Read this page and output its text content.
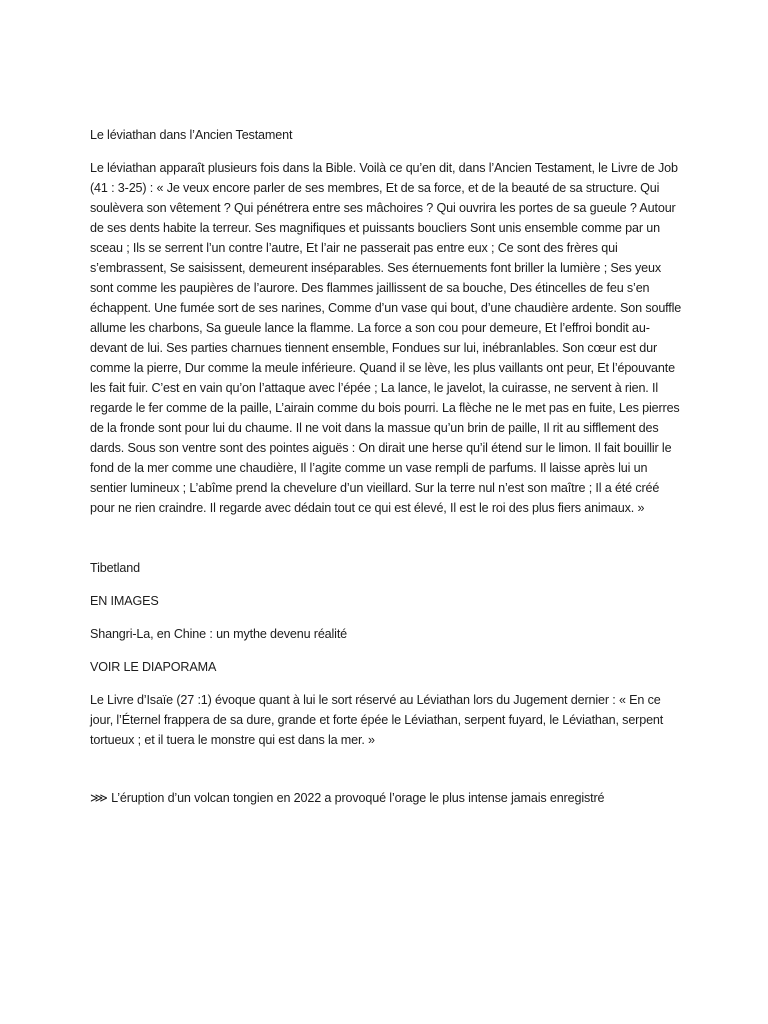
Le léviathan dans l’Ancien Testament

Le léviathan apparaît plusieurs fois dans la Bible. Voilà ce qu’en dit, dans l’Ancien Testament, le Livre de Job (41 : 3-25) : « Je veux encore parler de ses membres, Et de sa force, et de la beauté de sa structure. Qui soulèvera son vêtement ? Qui pénétrera entre ses mâchoires ? Qui ouvrira les portes de sa gueule ? Autour de ses dents habite la terreur. Ses magnifiques et puissants boucliers Sont unis ensemble comme par un sceau ; Ils se serrent l’un contre l’autre, Et l’air ne passerait pas entre eux ; Ce sont des frères qui s’embrassent, Se saisissent, demeurent inséparables. Ses éternuements font briller la lumière ; Ses yeux sont comme les paupières de l’aurore. Des flammes jaillissent de sa bouche, Des étincelles de feu s’en échappent. Une fumée sort de ses narines, Comme d’un vase qui bout, d’une chaudière ardente. Son souffle allume les charbons, Sa gueule lance la flamme. La force a son cou pour demeure, Et l’effroi bondit au-devant de lui. Ses parties charnues tiennent ensemble, Fondues sur lui, inébranlables. Son cœur est dur comme la pierre, Dur comme la meule inférieure. Quand il se lève, les plus vaillants ont peur, Et l’épouvante les fait fuir. C’est en vain qu’on l’attaque avec l’épée ; La lance, le javelot, la cuirasse, ne servent à rien. Il regarde le fer comme de la paille, L’airain comme du bois pourri. La flèche ne le met pas en fuite, Les pierres de la fronde sont pour lui du chaume. Il ne voit dans la massue qu’un brin de paille, Il rit au sifflement des dards. Sous son ventre sont des pointes aiguës : On dirait une herse qu’il étend sur le limon. Il fait bouillir le fond de la mer comme une chaudière, Il l’agite comme un vase rempli de parfums. Il laisse après lui un sentier lumineux ; L’abîme prend la chevelure d’un vieillard. Sur la terre nul n’est son maître ; Il a été créé pour ne rien craindre. Il regarde avec dédain tout ce qui est élevé, Il est le roi des plus fiers animaux. »

Tibetland

EN IMAGES

Shangri-La, en Chine : un mythe devenu réalité

VOIR LE DIAPORAMA

Le Livre d’Isaïe (27 :1) évoque quant à lui le sort réservé au Léviathan lors du Jugement dernier : « En ce jour, l’Éternel frappera de sa dure, grande et forte épée le Léviathan, serpent fuyard, le Léviathan, serpent tortueux ; et il tuera le monstre qui est dans la mer. »

⋙ L’éruption d’un volcan tongien en 2022 a provoqué l’orage le plus intense jamais enregistré
